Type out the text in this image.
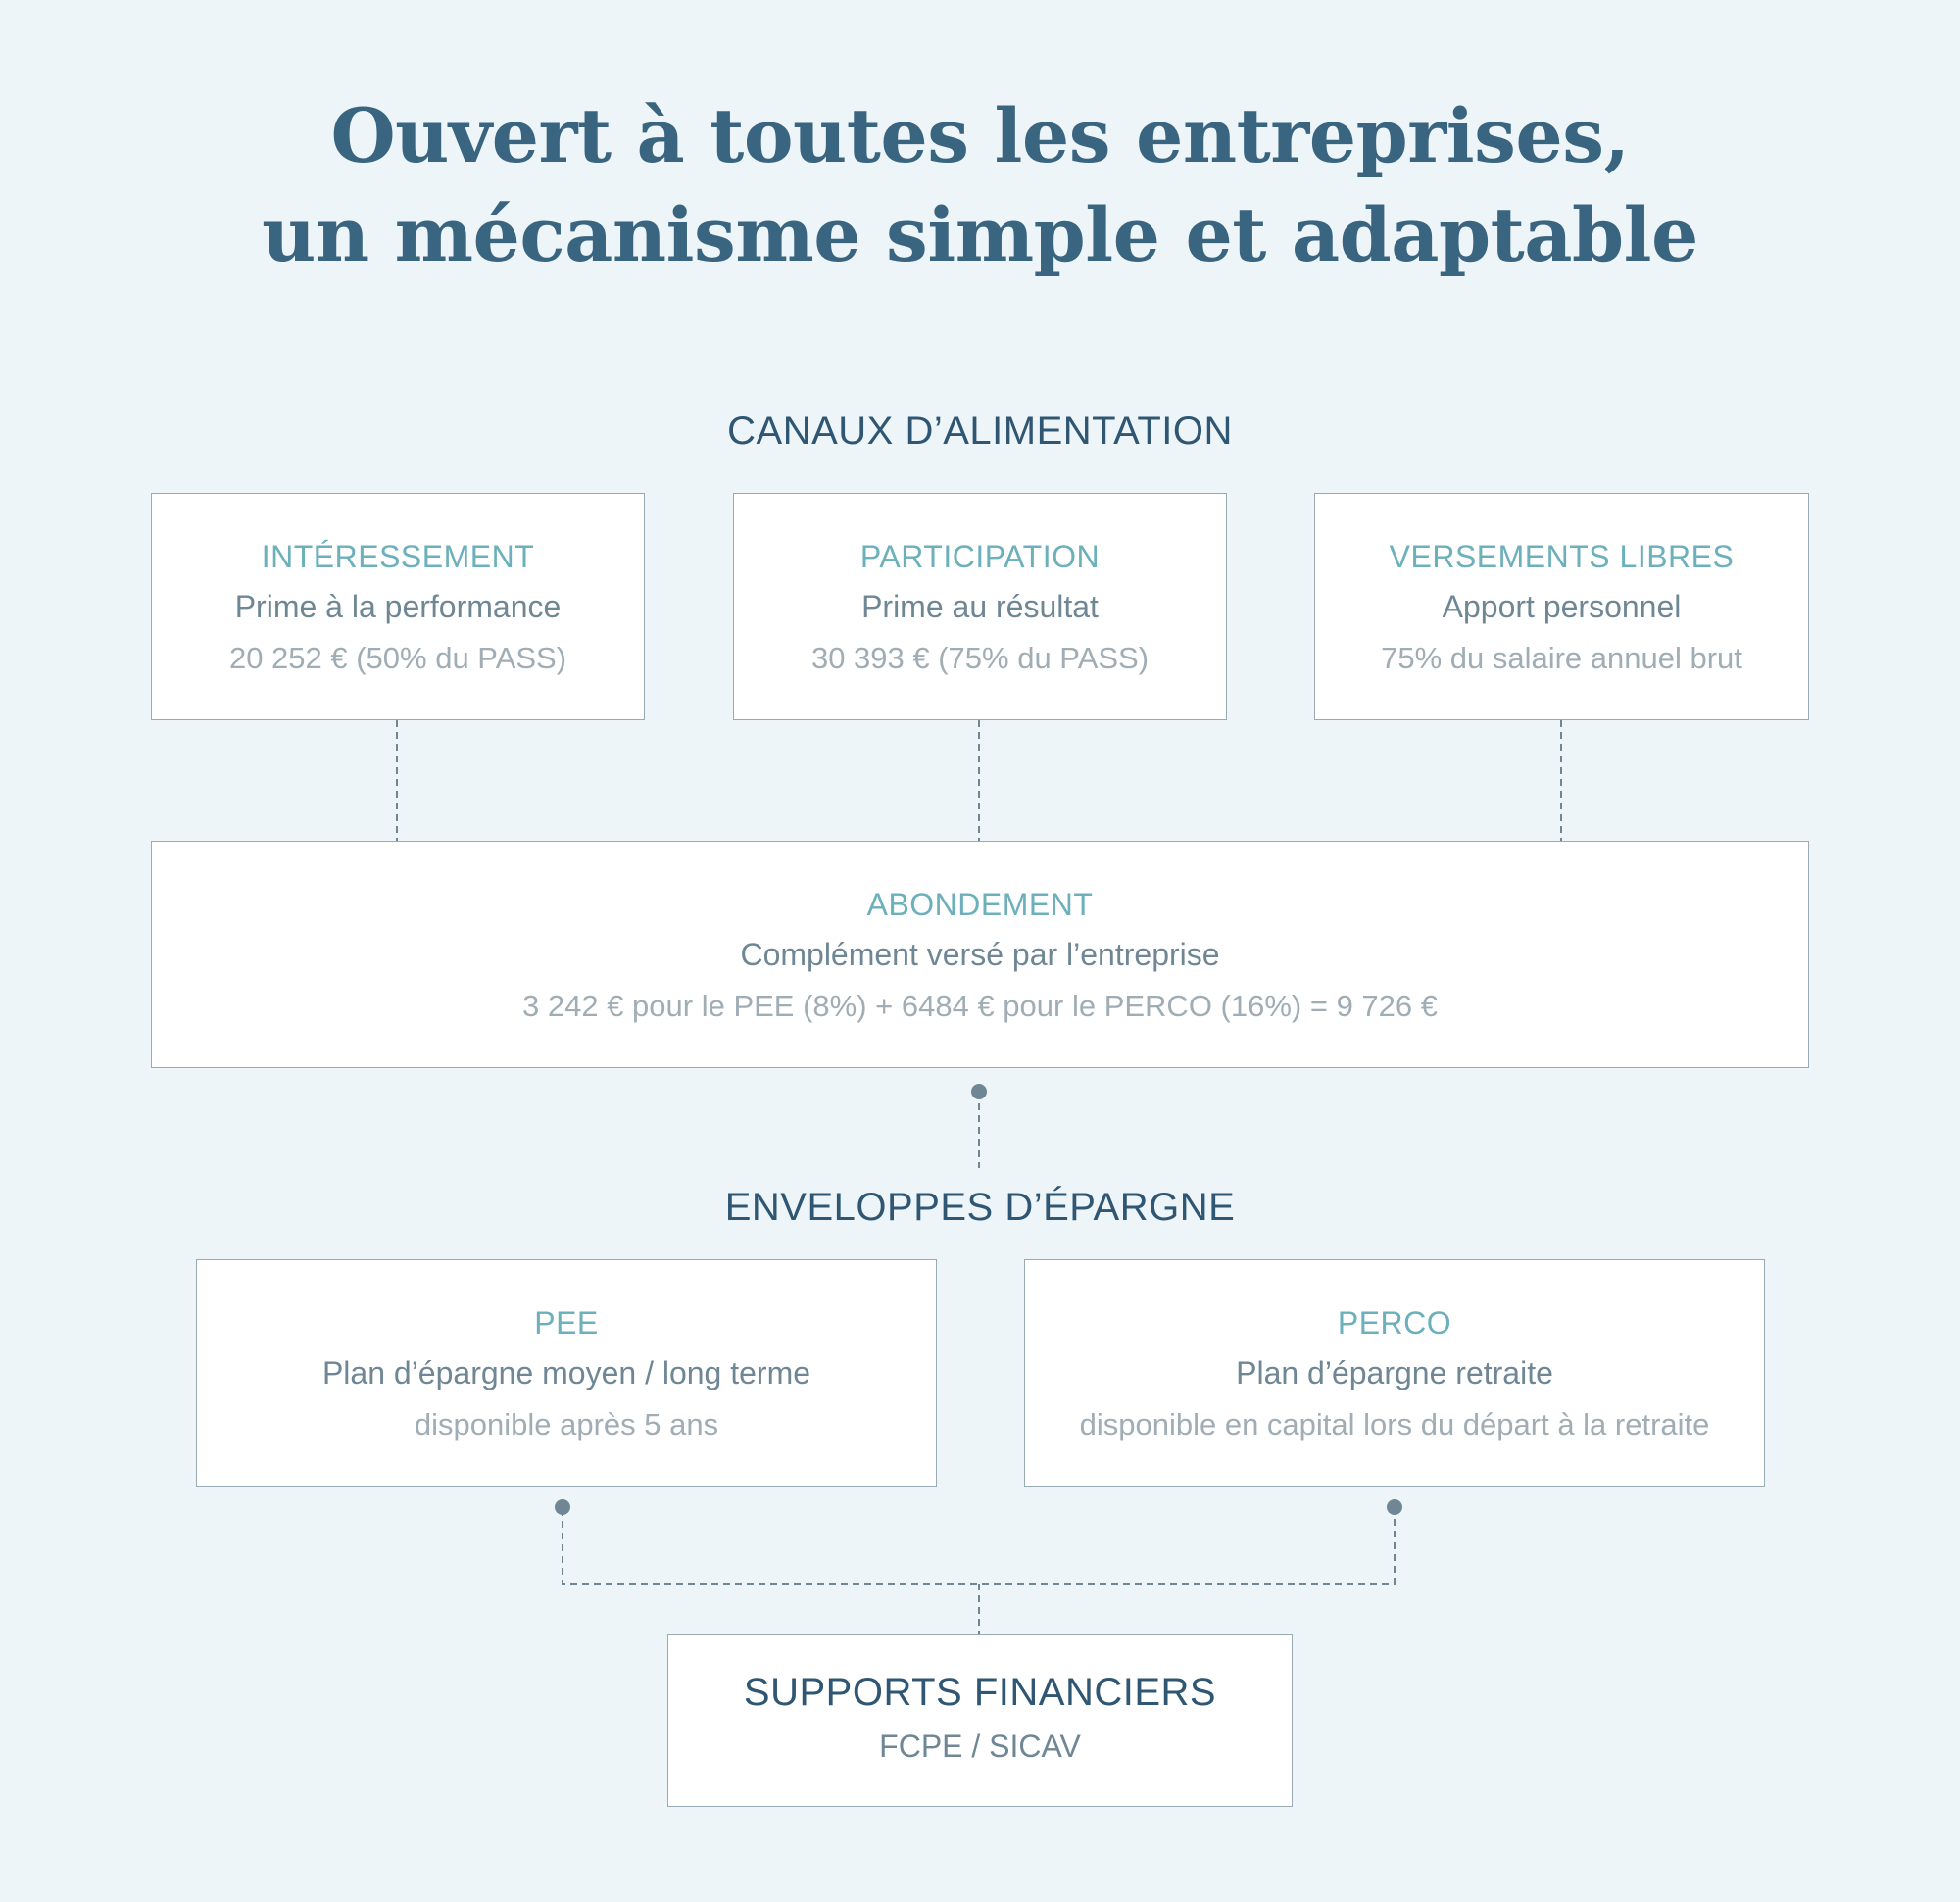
Ouvert à toutes les entreprises,
un mécanisme simple et adaptable
CANAUX D’ALIMENTATION
INTÉRESSEMENT
Prime à la performance
20 252 € (50% du PASS)
PARTICIPATION
Prime au résultat
30 393 € (75% du PASS)
VERSEMENTS LIBRES
Apport personnel
75% du salaire annuel brut
ABONDEMENT
Complément versé par l’entreprise
3 242 € pour le PEE (8%) + 6484 € pour le PERCO (16%) = 9 726 €
ENVELOPPES D’ÉPARGNE
PEE
Plan d’épargne moyen / long terme
disponible après 5 ans
PERCO
Plan d’épargne retraite
disponible en capital lors du départ à la retraite
SUPPORTS FINANCIERS
FCPE / SICAV
